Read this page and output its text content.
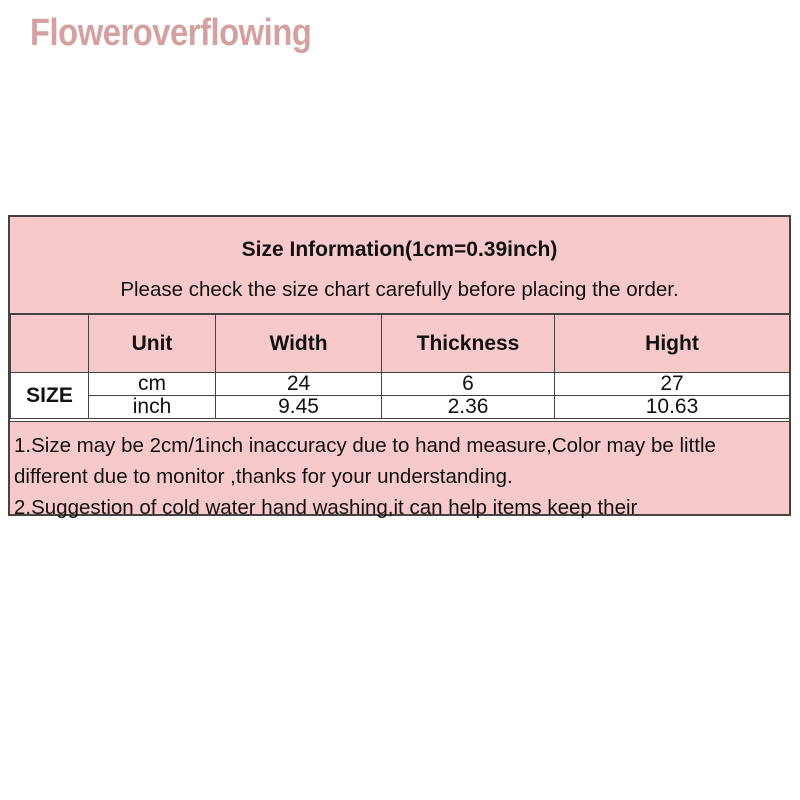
Floweroverflowing
Size Information(1cm=0.39inch)
Please check the size chart carefully before placing the order.
	Unit	Width	Thickness	Hight
SIZE	cm	24	6	27
	inch	9.45	2.36	10.63

1.Size may be 2cm/1inch inaccuracy due to hand measure,Color may be little different due to monitor ,thanks for your understanding.

2.Suggestion of cold water hand washing,it can help items keep their
